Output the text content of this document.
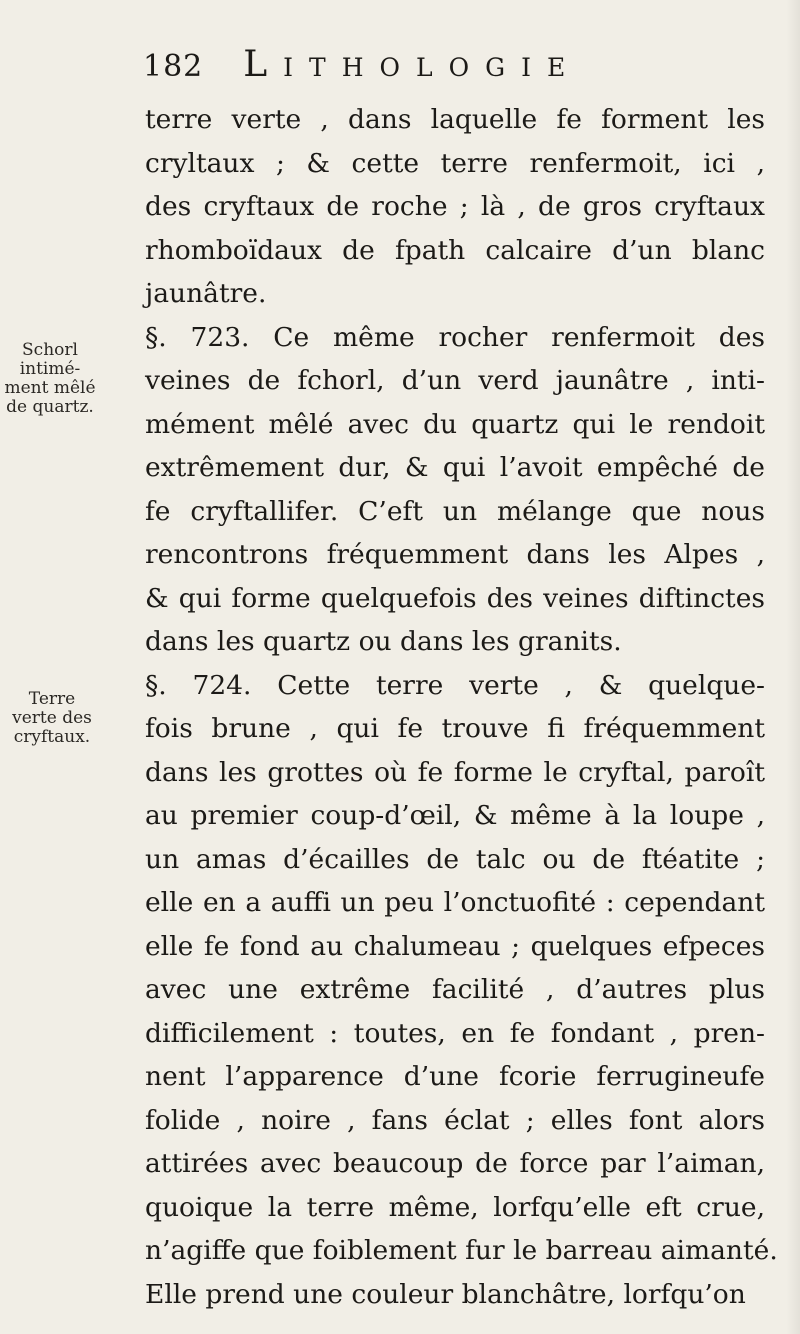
182 Lithologie
Schorl intimé-ment mêlé de quartz.
Terre verte des cryftaux.
terre verte , dans laquelle fe forment les
cryltaux ; & cette terre renfermoit, ici ,
des cryftaux de roche ; là , de gros cryftaux
rhomboïdaux de fpath calcaire d’un blanc
jaunâtre.
§. 723. Ce même rocher renfermoit des
veines de fchorl, d’un verd jaunâtre , inti-
mément mêlé avec du quartz qui le rendoit
extrêmement dur, & qui l’avoit empêché de
fe cryftallifer. C’eft un mélange que nous
rencontrons fréquemment dans les Alpes ,
& qui forme quelquefois des veines diftinctes
dans les quartz ou dans les granits.
§. 724. Cette terre verte , & quelque-
fois brune , qui fe trouve fi fréquemment
dans les grottes où fe forme le cryftal, paroît
au premier coup-d’œil, & même à la loupe ,
un amas d’écailles de talc ou de ftéatite ;
elle en a auffi un peu l’onctuofité : cependant
elle fe fond au chalumeau ; quelques efpeces
avec une extrême facilité , d’autres plus
difficilement : toutes, en fe fondant , pren-
nent l’apparence d’une fcorie ferrugineufe
folide , noire , fans éclat ; elles font alors
attirées avec beaucoup de force par l’aiman,
quoique la terre même, lorfqu’elle eft crue,
n’agiffe que foiblement fur le barreau aimanté.
Elle prend une couleur blanchâtre, lorfqu’on
